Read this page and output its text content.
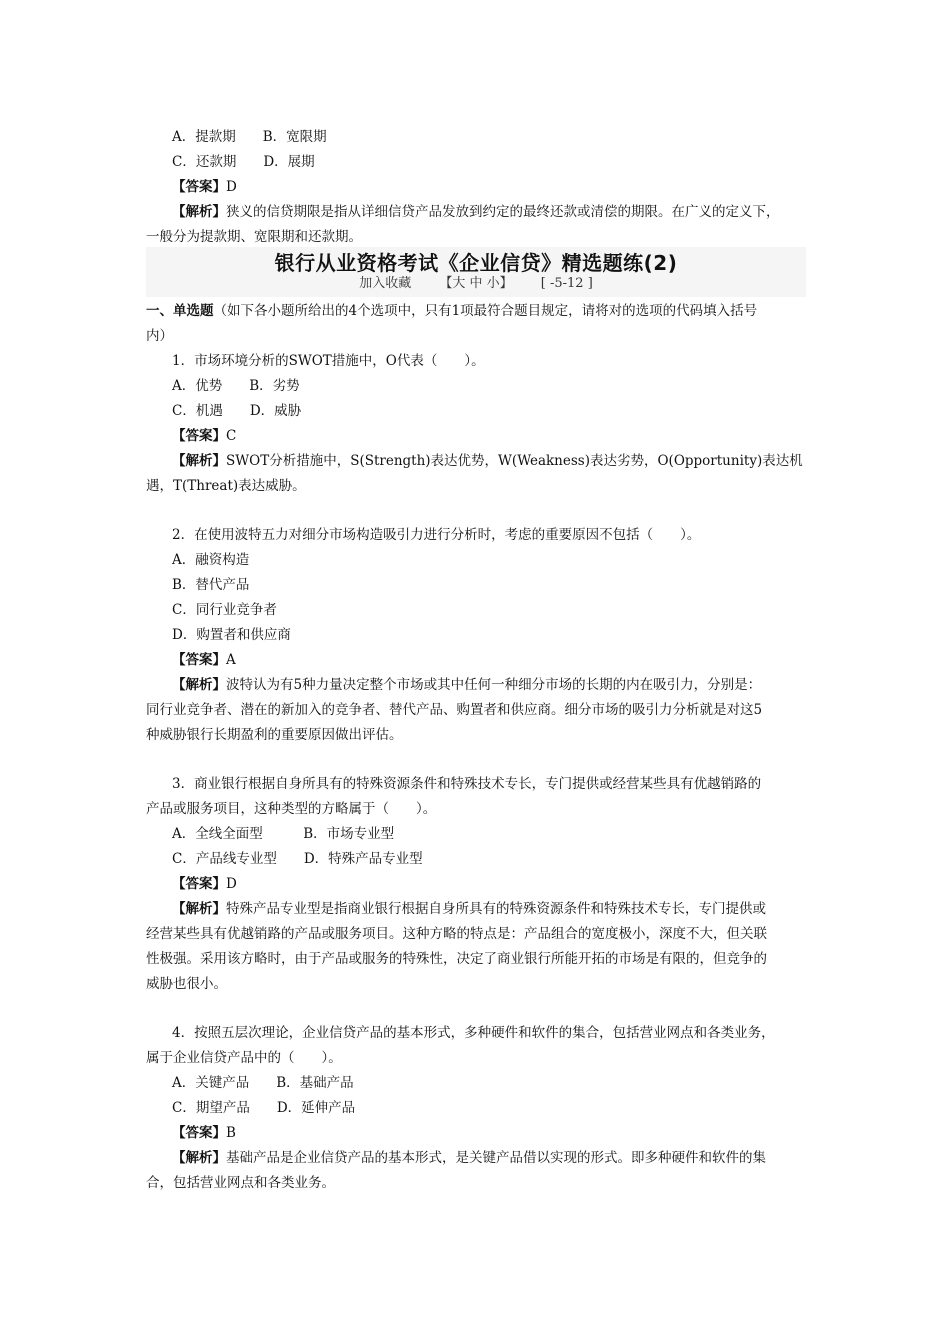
A．提款期　　B．宽限期
C．还款期　　D．展期
【答案】D
【解析】狭义的信贷期限是指从详细信贷产品发放到约定的最终还款或清偿的期限。在广义的定义下，
一般分为提款期、宽限期和还款期。
银行从业资格考试《企业信贷》精选题练(2)
加入收藏 【大 中 小】 [ -5-12 ]
一、单选题（如下各小题所给出的4个选项中，只有1项最符合题目规定，请将对的选项的代码填入括号
内）
1．市场环境分析的SWOT措施中，O代表（　　）。
A．优势　　B．劣势
C．机遇　　D．威胁
【答案】C
【解析】SWOT分析措施中，S(Strength)表达优势，W(Weakness)表达劣势，O(Opportunity)表达机
遇，T(Threat)表达威胁。
2．在使用波特五力对细分市场构造吸引力进行分析时，考虑的重要原因不包括（　　）。
A．融资构造
B．替代产品
C．同行业竞争者
D．购置者和供应商
【答案】A
【解析】波特认为有5种力量决定整个市场或其中任何一种细分市场的长期的内在吸引力，分别是：
同行业竞争者、潜在的新加入的竞争者、替代产品、购置者和供应商。细分市场的吸引力分析就是对这5
种威胁银行长期盈利的重要原因做出评估。
3．商业银行根据自身所具有的特殊资源条件和特殊技术专长，专门提供或经营某些具有优越销路的
产品或服务项目，这种类型的方略属于（　　）。
A．全线全面型　　　B．市场专业型
C．产品线专业型　　D．特殊产品专业型
【答案】D
【解析】特殊产品专业型是指商业银行根据自身所具有的特殊资源条件和特殊技术专长，专门提供或
经营某些具有优越销路的产品或服务项目。这种方略的特点是：产品组合的宽度极小，深度不大，但关联
性极强。采用该方略时，由于产品或服务的特殊性，决定了商业银行所能开拓的市场是有限的，但竞争的
威胁也很小。
4．按照五层次理论，企业信贷产品的基本形式，多种硬件和软件的集合，包括营业网点和各类业务，
属于企业信贷产品中的（　　）。
A．关键产品　　B．基础产品
C．期望产品　　D．延伸产品
【答案】B
【解析】基础产品是企业信贷产品的基本形式，是关键产品借以实现的形式。即多种硬件和软件的集
合，包括营业网点和各类业务。
